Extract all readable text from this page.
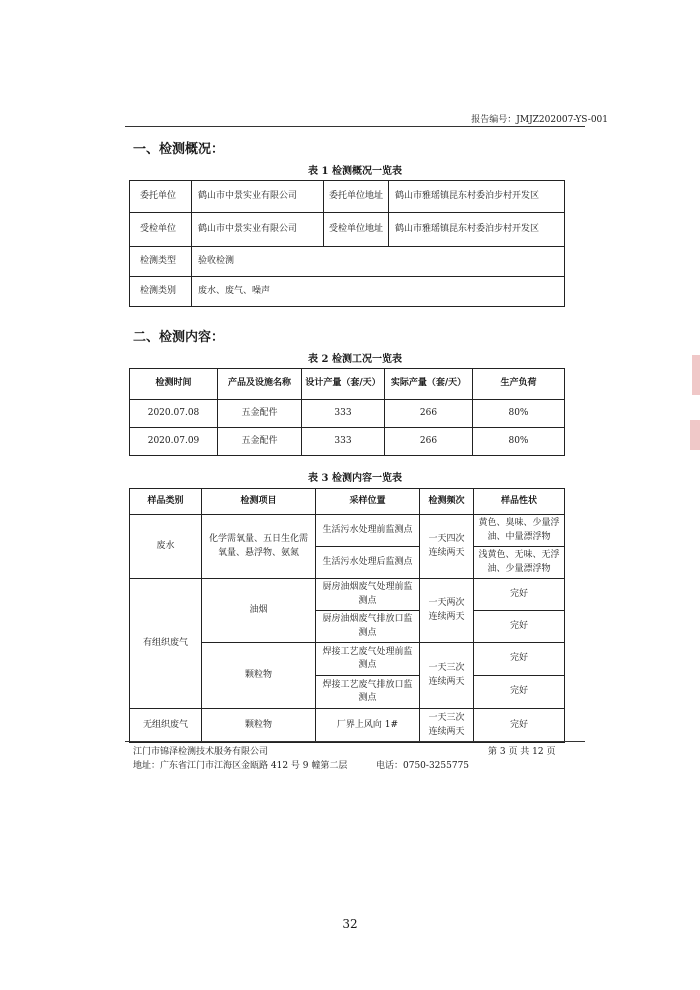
报告编号：JMJZ202007-YS-001
一、检测概况：
表 1 检测概况一览表
委托单位	鹤山市中景实业有限公司	委托单位地址	鹤山市雅瑶镇昆东村委泊步村开发区
受检单位	鹤山市中景实业有限公司	受检单位地址	鹤山市雅瑶镇昆东村委泊步村开发区
检测类型	验收检测		
检测类别	废水、废气、噪声		
二、检测内容：
表 2 检测工况一览表
检测时间	产品及设施名称	设计产量（套/天）	实际产量（套/天）	生产负荷
2020.07.08	五金配件	333	266	80%
2020.07.09	五金配件	333	266	80%
表 3 检测内容一览表
样品类别	检测项目	采样位置	检测频次	样品性状
废水	化学需氧量、五日生化需氧量、悬浮物、氨氮	生活污水处理前监测点	一天四次连续两天	黄色、臭味、少量浮油、中量漂浮物
		生活污水处理后监测点		浅黄色、无味、无浮油、少量漂浮物
有组织废气	油烟	厨房油烟废气处理前监测点	一天两次连续两天	完好
		厨房油烟废气排放口监测点		完好
	颗粒物	焊接工艺废气处理前监测点	一天三次连续两天	完好
		焊接工艺废气排放口监测点		完好
无组织废气	颗粒物	厂界上风向 1#	一天三次连续两天	完好
江门市锦泽检测技术服务有限公司	第 3 页 共 12 页
地址：广东省江门市江海区金瓯路 412 号 9 幢第二层	电话：0750-3255775
32
